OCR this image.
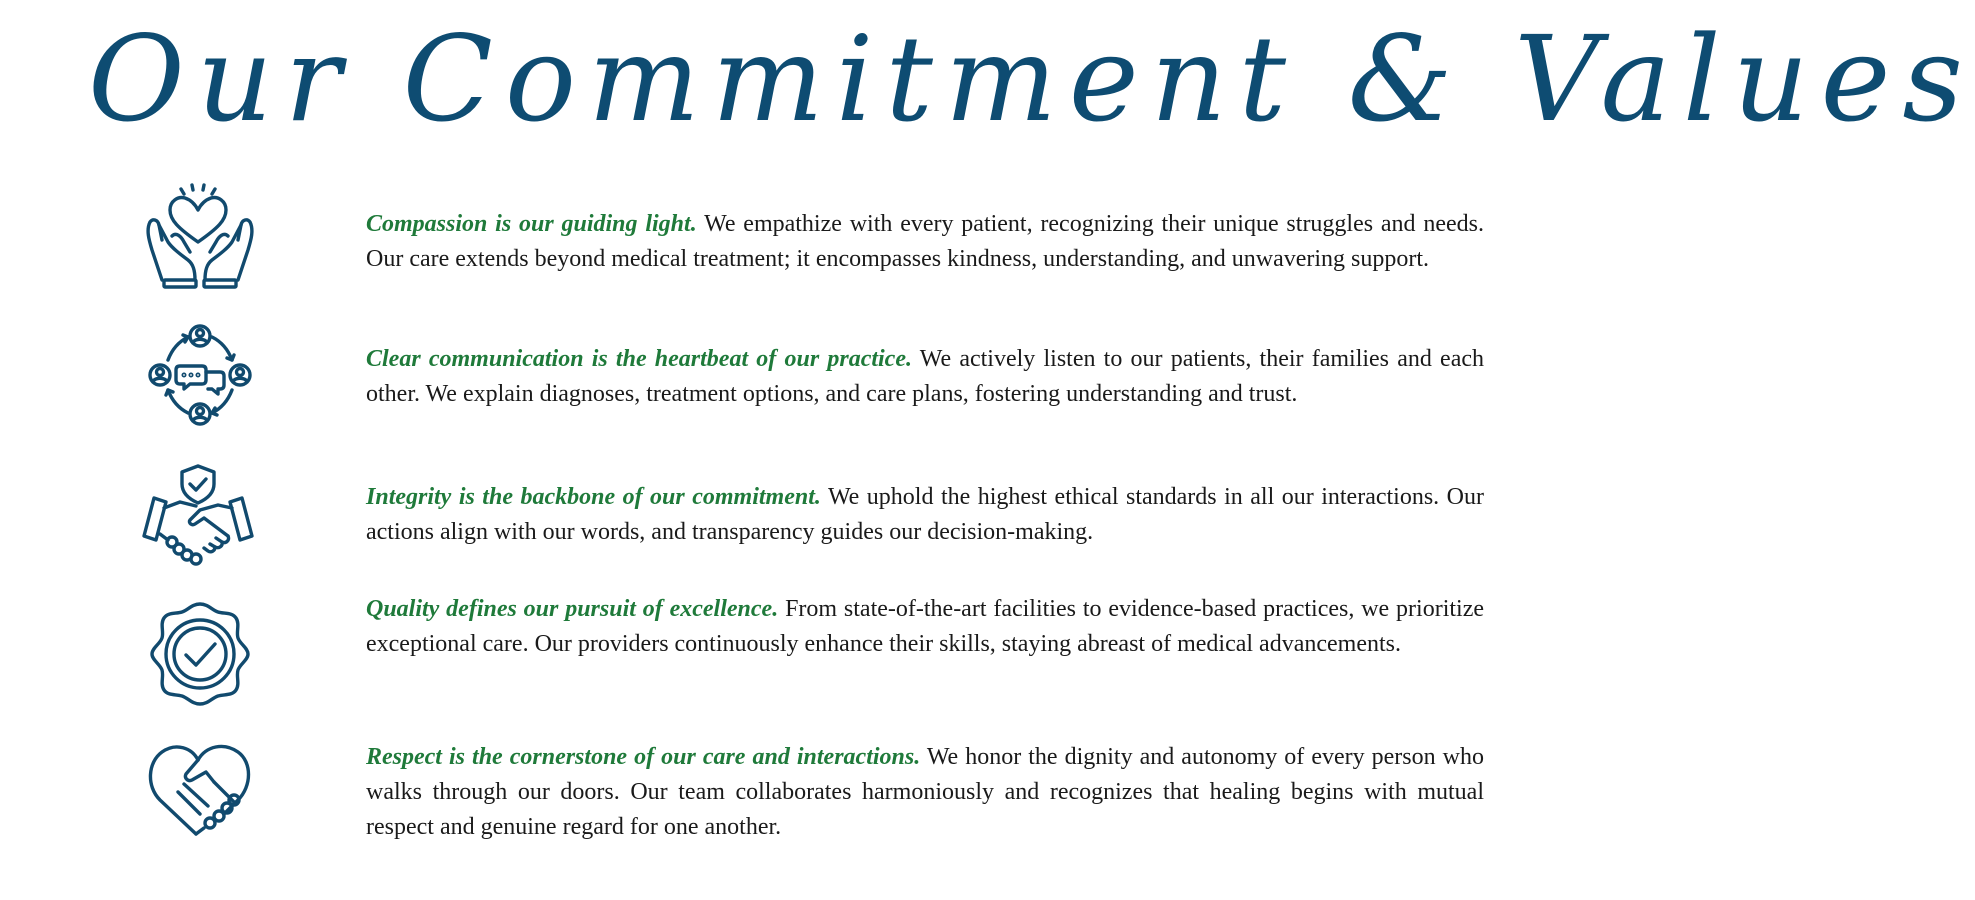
Our Commitment & Values

Compassion is our guiding light. We empathize with every patient, recognizing their unique struggles and needs. Our care extends beyond medical treatment; it encompasses kindness, understanding, and unwavering support.

Clear communication is the heartbeat of our practice. We actively listen to our patients, their families and each other. We explain diagnoses, treatment options, and care plans, fostering understanding and trust.

Integrity is the backbone of our commitment. We uphold the highest ethical standards in all our interactions. Our actions align with our words, and transparency guides our decision-making.

Quality defines our pursuit of excellence. From state-of-the-art facilities to evidence-based practices, we prioritize exceptional care. Our providers continuously enhance their skills, staying abreast of medical advancements.

Respect is the cornerstone of our care and interactions. We honor the dignity and autonomy of every person who walks through our doors. Our team collaborates harmoniously and recognizes that healing begins with mutual respect and genuine regard for one another.
